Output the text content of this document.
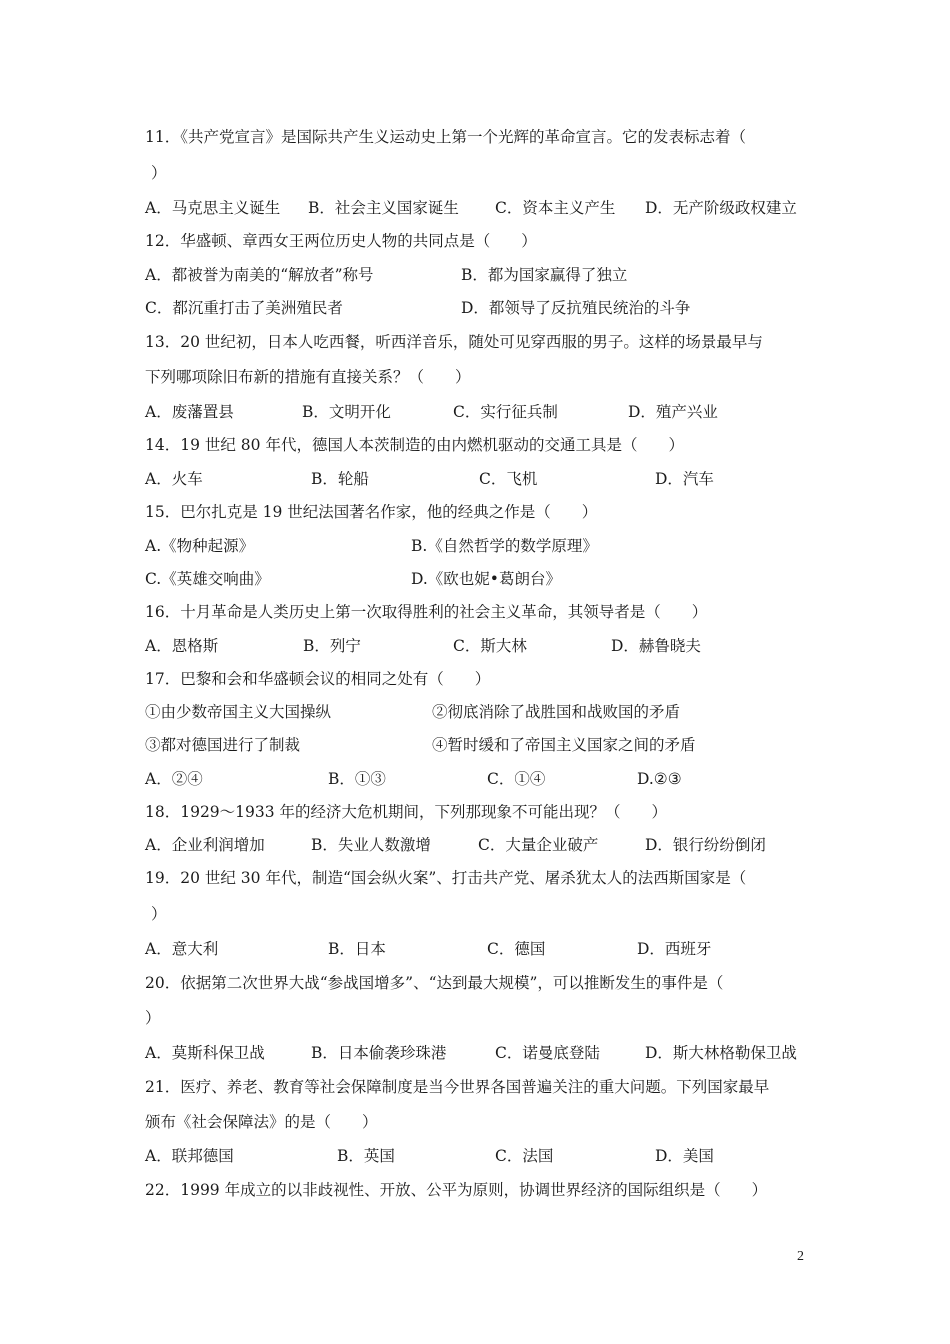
11．《共产党宣言》是国际共产生义运动史上第一个光辉的革命宣言。它的发表标志着（
）
A．马克思主义诞生 B．社会主义国家诞生 C．资本主义产生 D．无产阶级政权建立
12．华盛顿、章西女王两位历史人物的共同点是（　　）
A．都被誉为南美的“解放者”称号	B．都为国家赢得了独立
C．都沉重打击了美洲殖民者	D．都领导了反抗殖民统治的斗争
13．20 世纪初，日本人吃西餐，听西洋音乐，随处可见穿西服的男子。这样的场景最早与
下列哪项除旧布新的措施有直接关系？（　　）
A．废藩置县	B．文明开化	C．实行征兵制	D．殖产兴业
14．19 世纪 80 年代，德国人本茨制造的由内燃机驱动的交通工具是（　　）
A．火车	B．轮船	C．飞机	D．汽车
15．巴尔扎克是 19 世纪法国著名作家，他的经典之作是（　　）
A.《物种起源》	B.《自然哲学的数学原理》
C.《英雄交响曲》	D.《欧也妮•葛朗台》
16．十月革命是人类历史上第一次取得胜利的社会主义革命，其领导者是（　　）
A．恩格斯	B．列宁	C．斯大林	D．赫鲁晓夫
17．巴黎和会和华盛顿会议的相同之处有（　　）
①由少数帝国主义大国操纵	②彻底消除了战胜国和战败国的矛盾
③都对德国进行了制裁	④暂时缓和了帝国主义国家之间的矛盾
A．②④	B．①③	C．①④	D.②③
18．1929～1933 年的经济大危机期间，下列那现象不可能出现？（　　）
A．企业利润增加	B．失业人数激增	C．大量企业破产	D．银行纷纷倒闭
19．20 世纪 30 年代，制造“国会纵火案”、打击共产党、屠杀犹太人的法西斯国家是（
）
A．意大利	B．日本	C．德国	D．西班牙
20．依据第二次世界大战“参战国增多”、“达到最大规模”，可以推断发生的事件是（
）
A．莫斯科保卫战	B．日本偷袭珍珠港	C．诺曼底登陆	D．斯大林格勒保卫战
21．医疗、养老、教育等社会保障制度是当今世界各国普遍关注的重大问题。下列国家最早
颁布《社会保障法》的是（　　）
A．联邦德国	B．英国	C．法国	D．美国
22．1999 年成立的以非歧视性、开放、公平为原则，协调世界经济的国际组织是（　　）
2
